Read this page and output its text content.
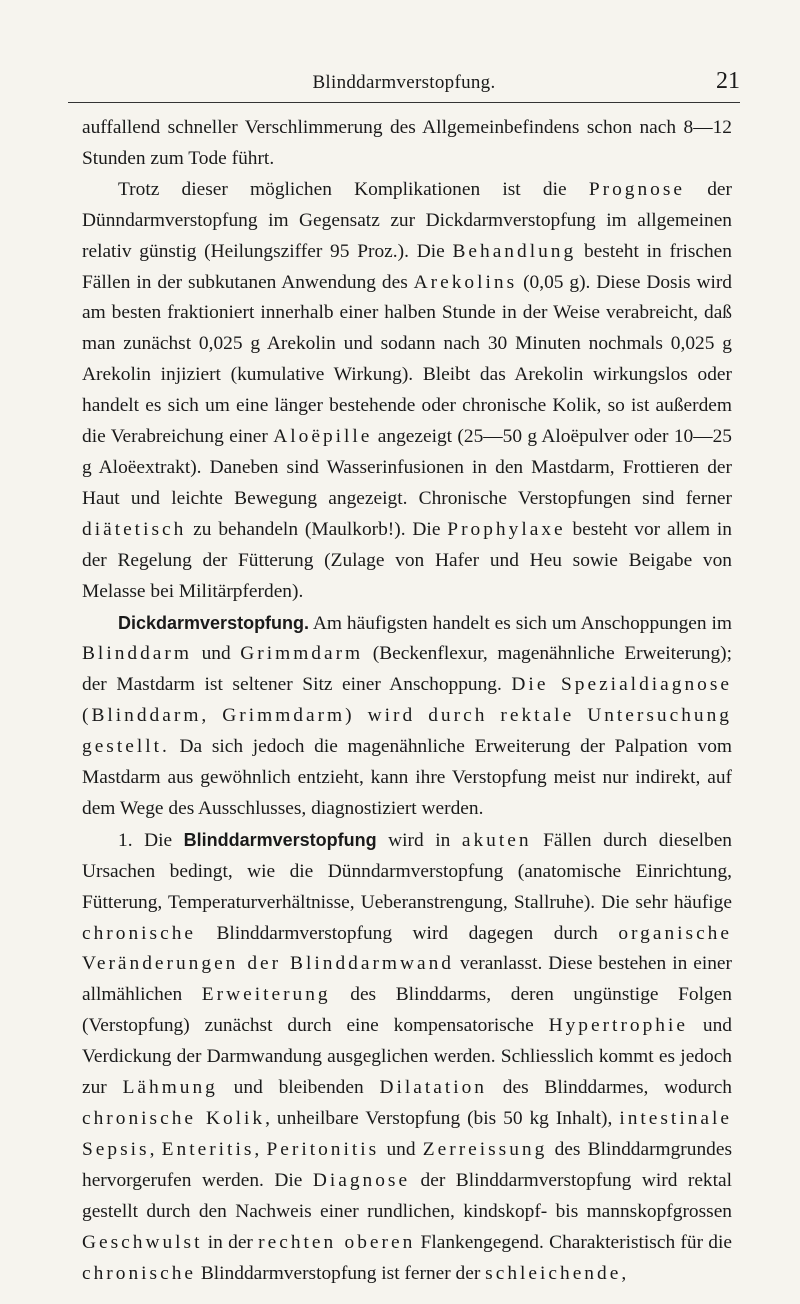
Blinddarmverstopfung.	21

auffallend schneller Verschlimmerung des Allgemeinbefindens schon nach 8—12 Stunden zum Tode führt.

Trotz dieser möglichen Komplikationen ist die Prognose der Dünndarmverstopfung im Gegensatz zur Dickdarmverstopfung im allgemeinen relativ günstig (Heilungsziffer 95 Proz.). Die Behandlung besteht in frischen Fällen in der subkutanen Anwendung des Arekolins (0,05 g). Diese Dosis wird am besten fraktioniert innerhalb einer halben Stunde in der Weise verabreicht, daß man zunächst 0,025 g Arekolin und sodann nach 30 Minuten nochmals 0,025 g Arekolin injiziert (kumulative Wirkung). Bleibt das Arekolin wirkungslos oder handelt es sich um eine länger bestehende oder chronische Kolik, so ist außerdem die Verabreichung einer Aloëpille angezeigt (25—50 g Aloëpulver oder 10—25 g Aloëextrakt). Daneben sind Wasserinfusionen in den Mastdarm, Frottieren der Haut und leichte Bewegung angezeigt. Chronische Verstopfungen sind ferner diätetisch zu behandeln (Maulkorb!). Die Prophylaxe besteht vor allem in der Regelung der Fütterung (Zulage von Hafer und Heu sowie Beigabe von Melasse bei Militärpferden).

Dickdarmverstopfung. Am häufigsten handelt es sich um Anschoppungen im Blinddarm und Grimmdarm (Beckenflexur, magenähnliche Erweiterung); der Mastdarm ist seltener Sitz einer Anschoppung. Die Spezialdiagnose (Blinddarm, Grimmdarm) wird durch rektale Untersuchung gestellt. Da sich jedoch die magenähnliche Erweiterung der Palpation vom Mastdarm aus gewöhnlich entzieht, kann ihre Verstopfung meist nur indirekt, auf dem Wege des Ausschlusses, diagnostiziert werden.

1. Die Blinddarmverstopfung wird in akuten Fällen durch dieselben Ursachen bedingt, wie die Dünndarmverstopfung (anatomische Einrichtung, Fütterung, Temperaturverhältnisse, Ueberanstrengung, Stallruhe). Die sehr häufige chronische Blinddarmverstopfung wird dagegen durch organische Veränderungen der Blinddarmwand veranlasst. Diese bestehen in einer allmählichen Erweiterung des Blinddarms, deren ungünstige Folgen (Verstopfung) zunächst durch eine kompensatorische Hypertrophie und Verdickung der Darmwandung ausgeglichen werden. Schliesslich kommt es jedoch zur Lähmung und bleibenden Dilatation des Blinddarmes, wodurch chronische Kolik, unheilbare Verstopfung (bis 50 kg Inhalt), intestinale Sepsis, Enteritis, Peritonitis und Zerreissung des Blinddarmgrundes hervorgerufen werden. Die Diagnose der Blinddarmverstopfung wird rektal gestellt durch den Nachweis einer rundlichen, kindskopf- bis mannskopfgrossen Geschwulst in der rechten oberen Flankengegend. Charakteristisch für die chronische Blinddarmverstopfung ist ferner der schleichende,
